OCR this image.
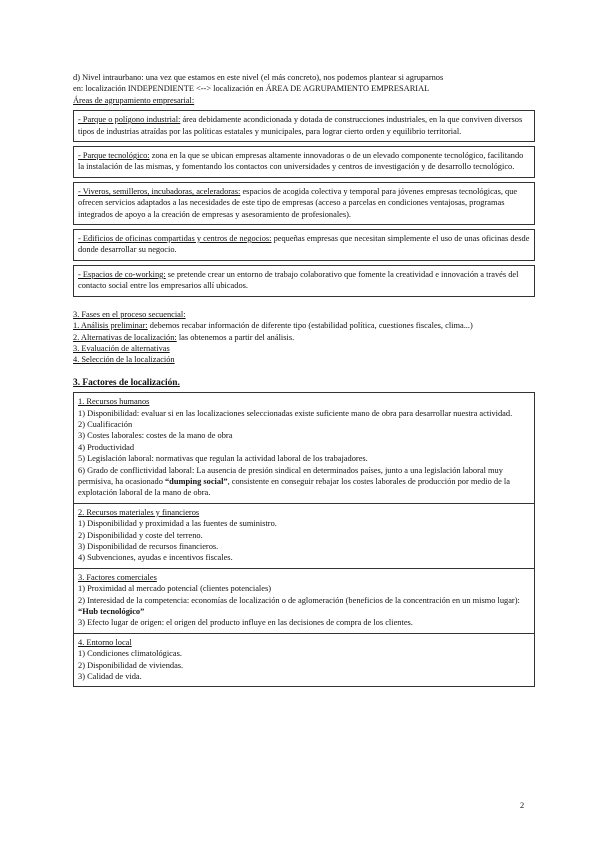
d) Nivel intraurbano: una vez que estamos en este nivel (el más concreto), nos podemos plantear si agruparnos

en: localización INDEPENDIENTE <--> localización en ÁREA DE AGRUPAMIENTO EMPRESARIAL

Áreas de agrupamiento empresarial:

- Parque o polígono industrial: área debidamente acondicionada y dotada de construcciones industriales, en la que conviven diversos tipos de industrias atraídas por las políticas estatales y municipales, para lograr cierto orden y equilibrio territorial.
- Parque tecnológico: zona en la que se ubican empresas altamente innovadoras o de un elevado componente tecnológico, facilitando la instalación de las mismas, y fomentando los contactos con universidades y centros de investigación y de desarrollo tecnológico.
- Viveros, semilleros, incubadoras, aceleradoras: espacios de acogida colectiva y temporal para jóvenes empresas tecnológicas, que ofrecen servicios adaptados a las necesidades de este tipo de empresas (acceso a parcelas en condiciones ventajosas, programas integrados de apoyo a la creación de empresas y asesoramiento de profesionales).
- Edificios de oficinas compartidas y centros de negocios: pequeñas empresas que necesitan simplemente el uso de unas oficinas desde donde desarrollar su negocio.
- Espacios de co-working: se pretende crear un entorno de trabajo colaborativo que fomente la creatividad e innovación a través del contacto social entre los empresarios allí ubicados.

3. Fases en el proceso secuencial:

1. Análisis preliminar: debemos recabar información de diferente tipo (estabilidad política, cuestiones fiscales, clima...)

2. Alternativas de localización: las obtenemos a partir del análisis.

3. Evaluación de alternativas

4. Selección de la localización

3. Factores de localización.

1. Recursos humanos

1) Disponibilidad: evaluar si en las localizaciones seleccionadas existe suficiente mano de obra para desarrollar nuestra actividad.

2) Cualificación

3) Costes laborales: costes de la mano de obra

4) Productividad

5) Legislación laboral: normativas que regulan la actividad laboral de los trabajadores.

6) Grado de conflictividad laboral: La ausencia de presión sindical en determinados países, junto a una legislación laboral muy permisiva, ha ocasionado “dumping social”, consistente en conseguir rebajar los costes laborales de producción por medio de la explotación laboral de la mano de obra.

2. Recursos materiales y financieros

1) Disponibilidad y proximidad a las fuentes de suministro.

2) Disponibilidad y coste del terreno.

3) Disponibilidad de recursos financieros.

4) Subvenciones, ayudas e incentivos fiscales.

3. Factores comerciales

1) Proximidad al mercado potencial (clientes potenciales)

2) Interesidad de la competencia: economías de localización o de aglomeración (beneficios de la concentración en un mismo lugar): “Hub tecnológico”

3) Efecto lugar de origen: el origen del producto influye en las decisiones de compra de los clientes.

4. Entorno local

1) Condiciones climatológicas.

2) Disponibilidad de viviendas.

3) Calidad de vida.

2
